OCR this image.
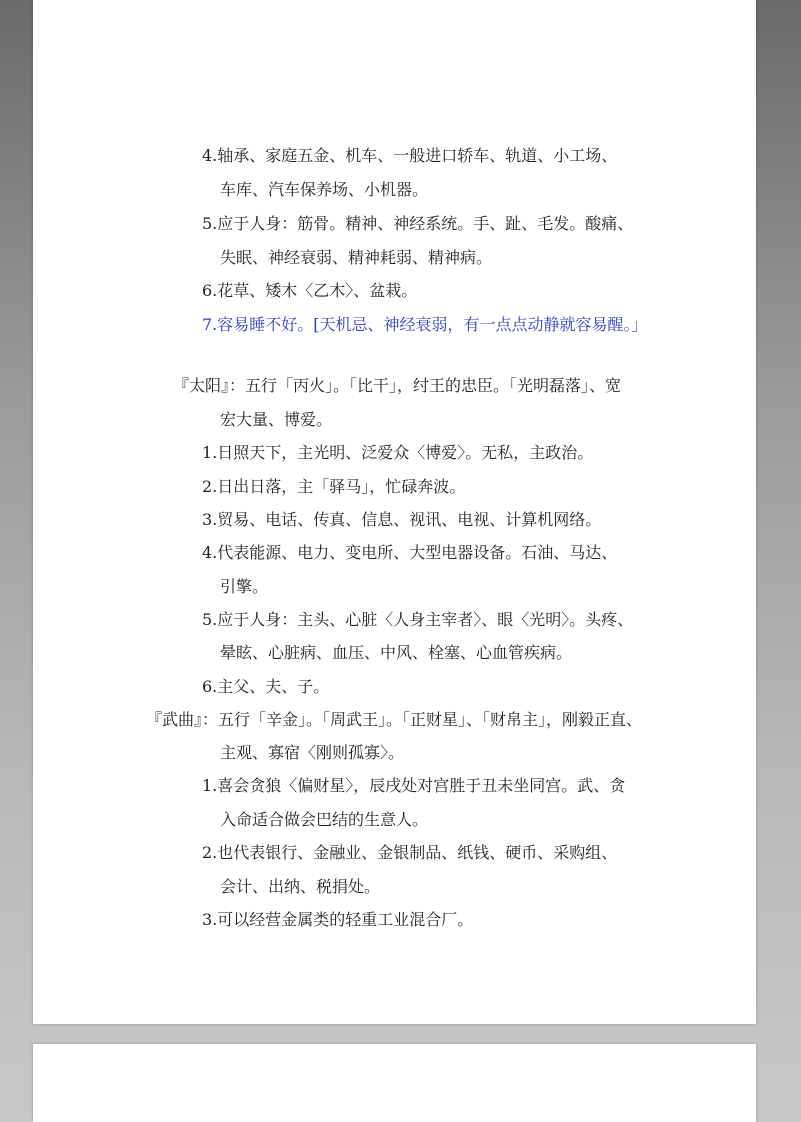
4.轴承、家庭五金、机车、一般进口轿车、轨道、小工场、
车库、汽车保养场、小机器。
5.应于人身：筋骨。精神、神经系统。手、趾、毛发。酸痛、
失眠、神经衰弱、精神耗弱、精神病。
6.花草、矮木〈乙木〉、盆栽。
7.容易睡不好。[天机忌、神经衰弱，有一点点动静就容易醒。」
『太阳』：五行「丙火」。「比干」，纣王的忠臣。「光明磊落」、宽
宏大量、博爱。
1.日照天下，主光明、泛爱众〈博爱〉。无私，主政治。
2.日出日落，主「驿马」，忙碌奔波。
3.贸易、电话、传真、信息、视讯、电视、计算机网络。
4.代表能源、电力、变电所、大型电器设备。石油、马达、
引擎。
5.应于人身：主头、心脏〈人身主宰者〉、眼〈光明〉。头疼、
晕眩、心脏病、血压、中风、栓塞、心血管疾病。
6.主父、夫、子。
『武曲』：五行「辛金」。「周武王」。「正财星」、「财帛主」，刚毅正直、
主观、寡宿〈刚则孤寡〉。
1.喜会贪狼〈偏财星〉，辰戌处对宫胜于丑未坐同宫。武、贪
入命适合做会巴结的生意人。
2.也代表银行、金融业、金银制品、纸钱、硬币、采购组、
会计、出纳、税捐处。
3.可以经营金属类的轻重工业混合厂。
